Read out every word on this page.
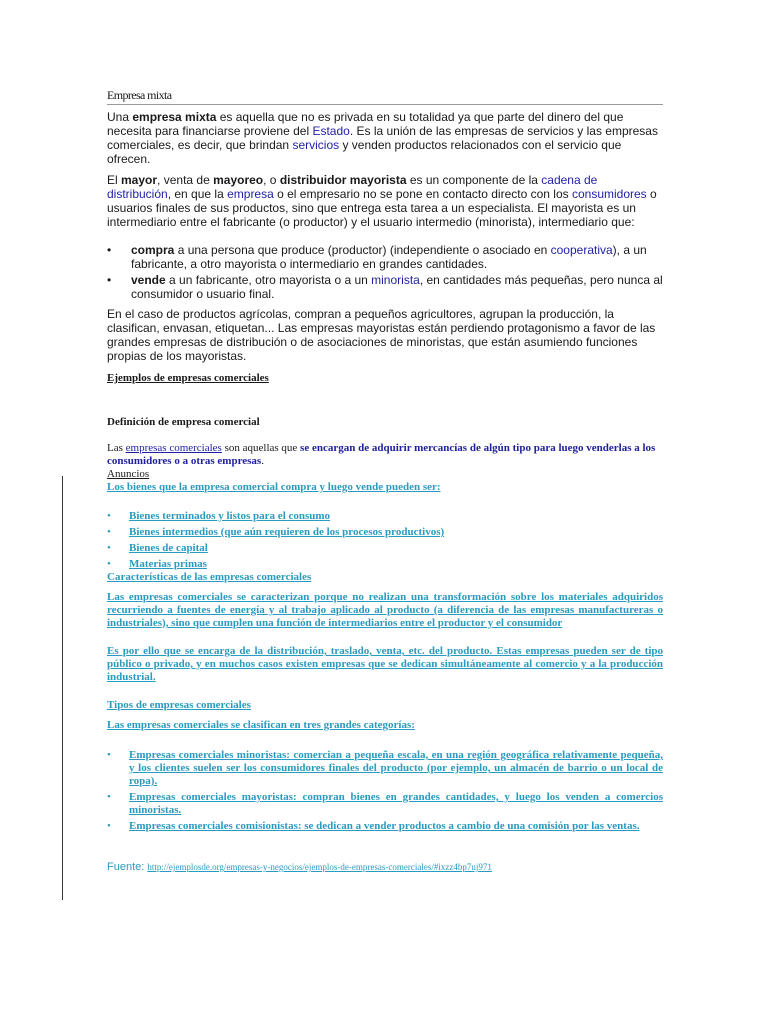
Empresa mixta

Una empresa mixta es aquella que no es privada en su totalidad ya que parte del dinero del que necesita para financiarse proviene del Estado. Es la unión de las empresas de servicios y las empresas comerciales, es decir, que brindan servicios y venden productos relacionados con el servicio que ofrecen.

El mayor, venta de mayoreo, o distribuidor mayorista es un componente de la cadena de distribución, en que la empresa o el empresario no se pone en contacto directo con los consumidores o usuarios finales de sus productos, sino que entrega esta tarea a un especialista. El mayorista es un intermediario entre el fabricante (o productor) y el usuario intermedio (minorista), intermediario que:

• compra a una persona que produce (productor) (independiente o asociado en cooperativa), a un fabricante, a otro mayorista o intermediario en grandes cantidades.
• vende a un fabricante, otro mayorista o a un minorista, en cantidades más pequeñas, pero nunca al consumidor o usuario final.

En el caso de productos agrícolas, compran a pequeños agricultores, agrupan la producción, la clasifican, envasan, etiquetan... Las empresas mayoristas están perdiendo protagonismo a favor de las grandes empresas de distribución o de asociaciones de minoristas, que están asumiendo funciones propias de los mayoristas.

Ejemplos de empresas comerciales

Definición de empresa comercial

Las empresas comerciales son aquellas que se encargan de adquirir mercancías de algún tipo para luego venderlas a los consumidores o a otras empresas.

Anuncios

Los bienes que la empresa comercial compra y luego vende pueden ser:

• Bienes terminados y listos para el consumo
• Bienes intermedios (que aún requieren de los procesos productivos)
• Bienes de capital
• Materias primas

Características de las empresas comerciales

Las empresas comerciales se caracterizan porque no realizan una transformación sobre los materiales adquiridos recurriendo a fuentes de energía y al trabajo aplicado al producto (a diferencia de las empresas manufactureras o industriales), sino que cumplen una función de intermediarios entre el productor y el consumidor

Es por ello que se encarga de la distribución, traslado, venta, etc. del producto. Estas empresas pueden ser de tipo público o privado, y en muchos casos existen empresas que se dedican simultáneamente al comercio y a la producción industrial.

Tipos de empresas comerciales

Las empresas comerciales se clasifican en tres grandes categorías:

• Empresas comerciales minoristas: comercian a pequeña escala, en una región geográfica relativamente pequeña, y los clientes suelen ser los consumidores finales del producto (por ejemplo, un almacén de barrio o un local de ropa).
• Empresas comerciales mayoristas: compran bienes en grandes cantidades, y luego los venden a comercios minoristas.
• Empresas comerciales comisionistas: se dedican a vender productos a cambio de una comisión por las ventas.

Fuente: http://ejemplosde.org/empresas-y-negocios/ejemplos-de-empresas-comerciales/#ixzz4bp7uj971
